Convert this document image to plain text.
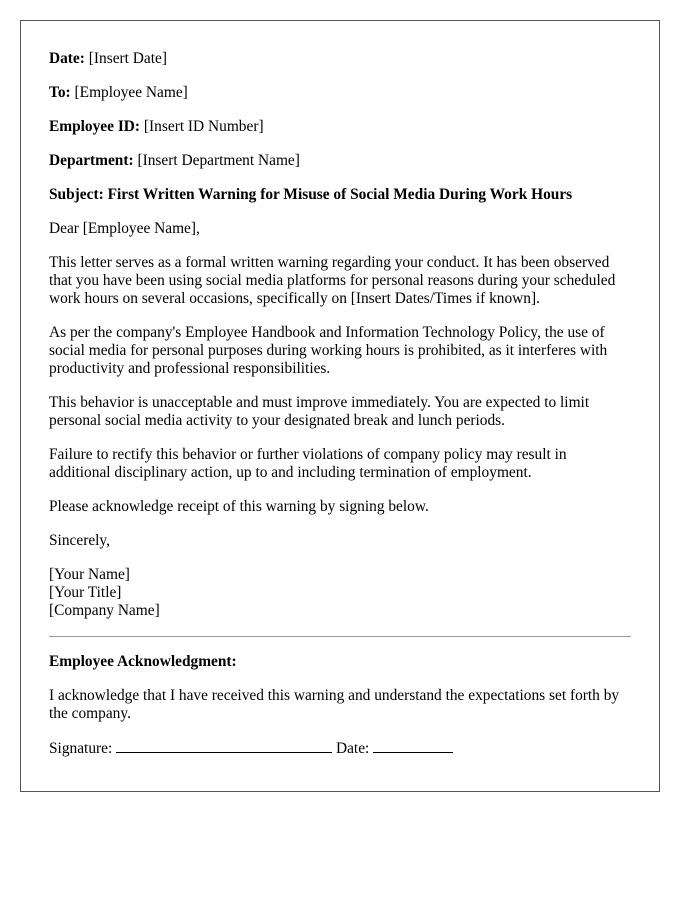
Date: [Insert Date]

To: [Employee Name]

Employee ID: [Insert ID Number]

Department: [Insert Department Name]

Subject: First Written Warning for Misuse of Social Media During Work Hours

Dear [Employee Name],

This letter serves as a formal written warning regarding your conduct. It has been observed that you have been using social media platforms for personal reasons during your scheduled work hours on several occasions, specifically on [Insert Dates/Times if known].

As per the company's Employee Handbook and Information Technology Policy, the use of social media for personal purposes during working hours is prohibited, as it interferes with productivity and professional responsibilities.

This behavior is unacceptable and must improve immediately. You are expected to limit personal social media activity to your designated break and lunch periods.

Failure to rectify this behavior or further violations of company policy may result in additional disciplinary action, up to and including termination of employment.

Please acknowledge receipt of this warning by signing below.

Sincerely,

[Your Name]
[Your Title]
[Company Name]

Employee Acknowledgment:

I acknowledge that I have received this warning and understand the expectations set forth by the company.

Signature:	Date:
